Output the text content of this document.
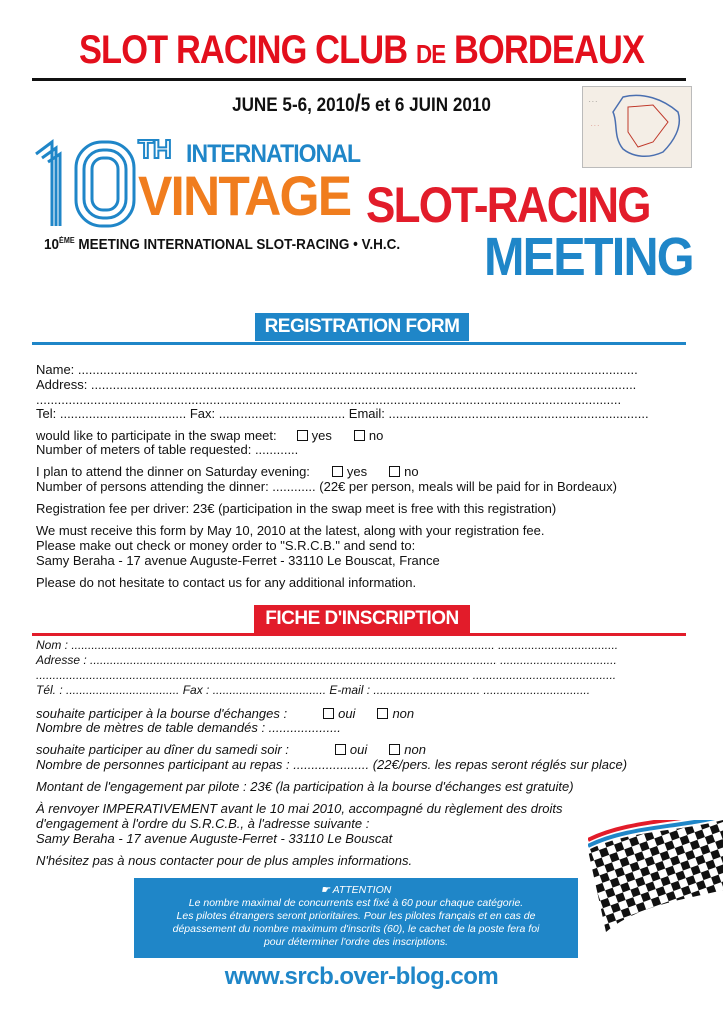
SLOT RACING CLUB DE BORDEAUX
JUNE 5-6, 2010/5 et 6 JUIN 2010	· · ·
· · ·
TH INTERNATIONAL
VINTAGE SLOT-RACING
10ÈME MEETING INTERNATIONAL SLOT-RACING • V.H.C. MEETING
REGISTRATION FORM
Name: ...........................................................................................................................................................
Address: .......................................................................................................................................................
..................................................................................................................................................................
Tel: ................................... Fax: ................................... Email: ........................................................................
would like to participate in the swap meet:	yes	no
Number of meters of table requested: ............
I plan to attend the dinner on Saturday evening:	yes	no
Number of persons attending the dinner: ............ (22€ per person, meals will be paid for in Bordeaux)
Registration fee per driver: 23€ (participation in the swap meet is free with this registration)
We must receive this form by May 10, 2010 at the latest, along with your registration fee.
Please make out check or money order to "S.R.C.B." and send to:
Samy Beraha - 17 avenue Auguste-Ferret - 33110 Le Bouscat, France
Please do not hesitate to contact us for any additional information.
FICHE D'INSCRIPTION
Nom : ............................................................................................................................... ....................................
Adresse : .......................................................................................................................... ...................................
.................................................................................................................................. ...........................................
Tél. : .................................. Fax : .................................. E-mail : ................................ ................................
souhaite participer à la bourse d'échanges :	oui	non
Nombre de mètres de table demandés : ....................
souhaite participer au dîner du samedi soir :	oui	non
Nombre de personnes participant au repas : ..................... (22€/pers. les repas seront réglés sur place)
Montant de l'engagement par pilote : 23€ (la participation à la bourse d'échanges est gratuite)
À renvoyer IMPERATIVEMENT avant le 10 mai 2010, accompagné du règlement des droits
d'engagement à l'ordre du S.R.C.B., à l'adresse suivante :
Samy Beraha - 17 avenue Auguste-Ferret - 33110 Le Bouscat
N'hésitez pas à nous contacter pour de plus amples informations.
☛ ATTENTION
Le nombre maximal de concurrents est fixé à 60 pour chaque catégorie.
Les pilotes étrangers seront prioritaires. Pour les pilotes français et en cas de
dépassement du nombre maximum d'inscrits (60), le cachet de la poste fera foi
pour déterminer l'ordre des inscriptions.
www.srcb.over-blog.com
